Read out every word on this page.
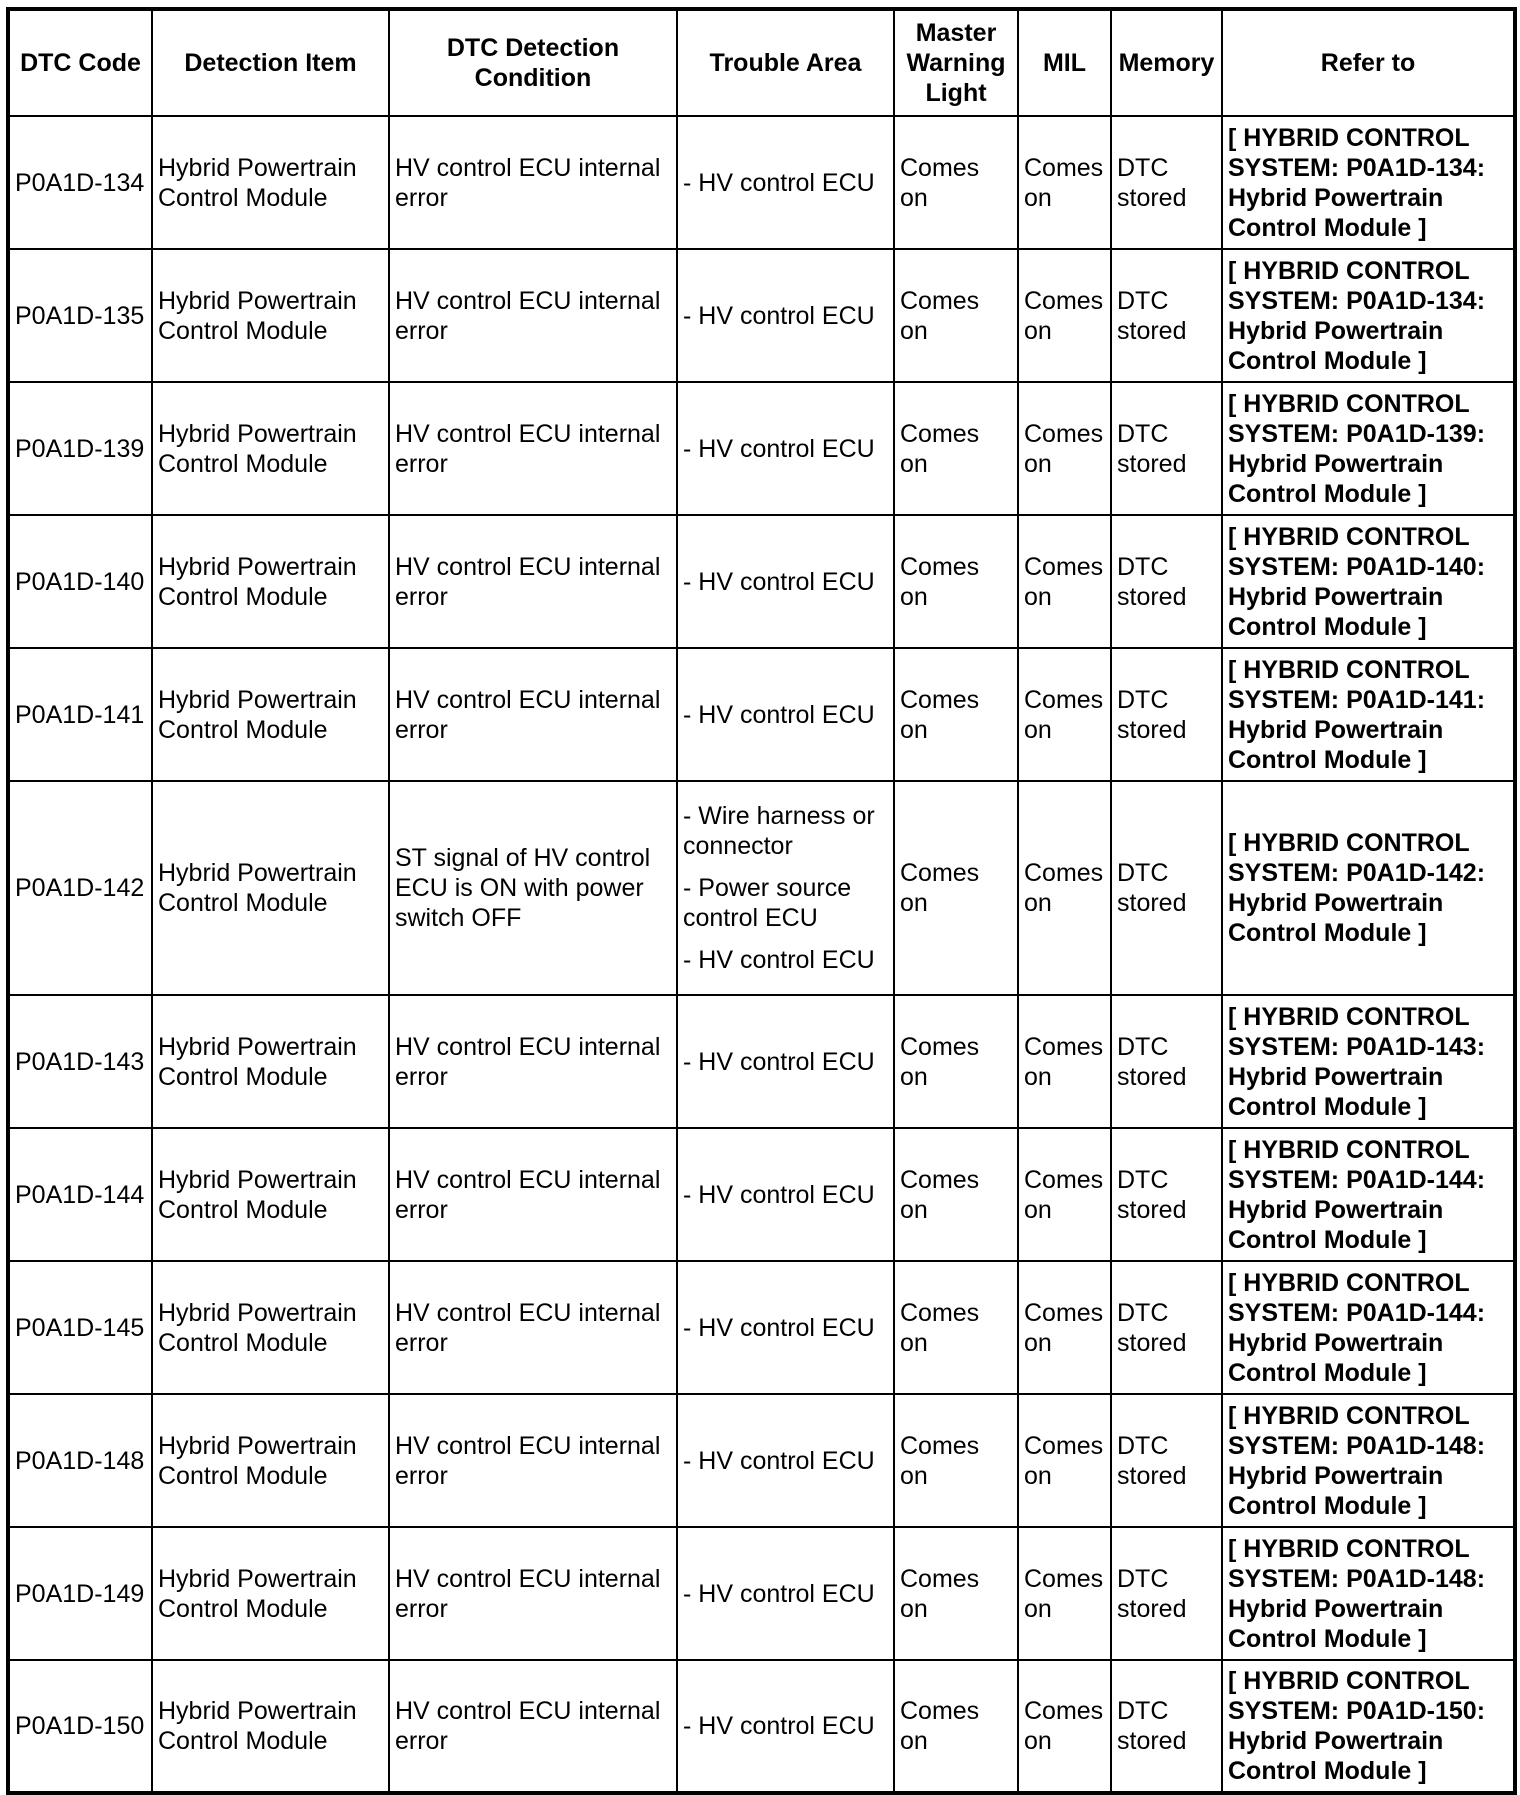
DTC Code	Detection Item	DTC Detection
Condition	Trouble Area	Master
Warning
Light	MIL	Memory	Refer to

P0A1D-134	Hybrid Powertrain
Control Module	HV control ECU internal
error	- HV control ECU	Comes
on	Comes
on	DTC
stored	[ HYBRID CONTROL
SYSTEM: P0A1D-134:
Hybrid Powertrain
Control Module ]

P0A1D-135	Hybrid Powertrain
Control Module	HV control ECU internal
error	- HV control ECU	Comes
on	Comes
on	DTC
stored	[ HYBRID CONTROL
SYSTEM: P0A1D-134:
Hybrid Powertrain
Control Module ]

P0A1D-139	Hybrid Powertrain
Control Module	HV control ECU internal
error	- HV control ECU	Comes
on	Comes
on	DTC
stored	[ HYBRID CONTROL
SYSTEM: P0A1D-139:
Hybrid Powertrain
Control Module ]

P0A1D-140	Hybrid Powertrain
Control Module	HV control ECU internal
error	- HV control ECU	Comes
on	Comes
on	DTC
stored	[ HYBRID CONTROL
SYSTEM: P0A1D-140:
Hybrid Powertrain
Control Module ]

P0A1D-141	Hybrid Powertrain
Control Module	HV control ECU internal
error	- HV control ECU	Comes
on	Comes
on	DTC
stored	[ HYBRID CONTROL
SYSTEM: P0A1D-141:
Hybrid Powertrain
Control Module ]

P0A1D-142	Hybrid Powertrain
Control Module	ST signal of HV control
ECU is ON with power
switch OFF	- Wire harness or
connector
- Power source
control ECU
- HV control ECU	Comes
on	Comes
on	DTC
stored	[ HYBRID CONTROL
SYSTEM: P0A1D-142:
Hybrid Powertrain
Control Module ]

P0A1D-143	Hybrid Powertrain
Control Module	HV control ECU internal
error	- HV control ECU	Comes
on	Comes
on	DTC
stored	[ HYBRID CONTROL
SYSTEM: P0A1D-143:
Hybrid Powertrain
Control Module ]

P0A1D-144	Hybrid Powertrain
Control Module	HV control ECU internal
error	- HV control ECU	Comes
on	Comes
on	DTC
stored	[ HYBRID CONTROL
SYSTEM: P0A1D-144:
Hybrid Powertrain
Control Module ]

P0A1D-145	Hybrid Powertrain
Control Module	HV control ECU internal
error	- HV control ECU	Comes
on	Comes
on	DTC
stored	[ HYBRID CONTROL
SYSTEM: P0A1D-144:
Hybrid Powertrain
Control Module ]

P0A1D-148	Hybrid Powertrain
Control Module	HV control ECU internal
error	- HV control ECU	Comes
on	Comes
on	DTC
stored	[ HYBRID CONTROL
SYSTEM: P0A1D-148:
Hybrid Powertrain
Control Module ]

P0A1D-149	Hybrid Powertrain
Control Module	HV control ECU internal
error	- HV control ECU	Comes
on	Comes
on	DTC
stored	[ HYBRID CONTROL
SYSTEM: P0A1D-148:
Hybrid Powertrain
Control Module ]

P0A1D-150	Hybrid Powertrain
Control Module	HV control ECU internal
error	- HV control ECU	Comes
on	Comes
on	DTC
stored	[ HYBRID CONTROL
SYSTEM: P0A1D-150:
Hybrid Powertrain
Control Module ]
